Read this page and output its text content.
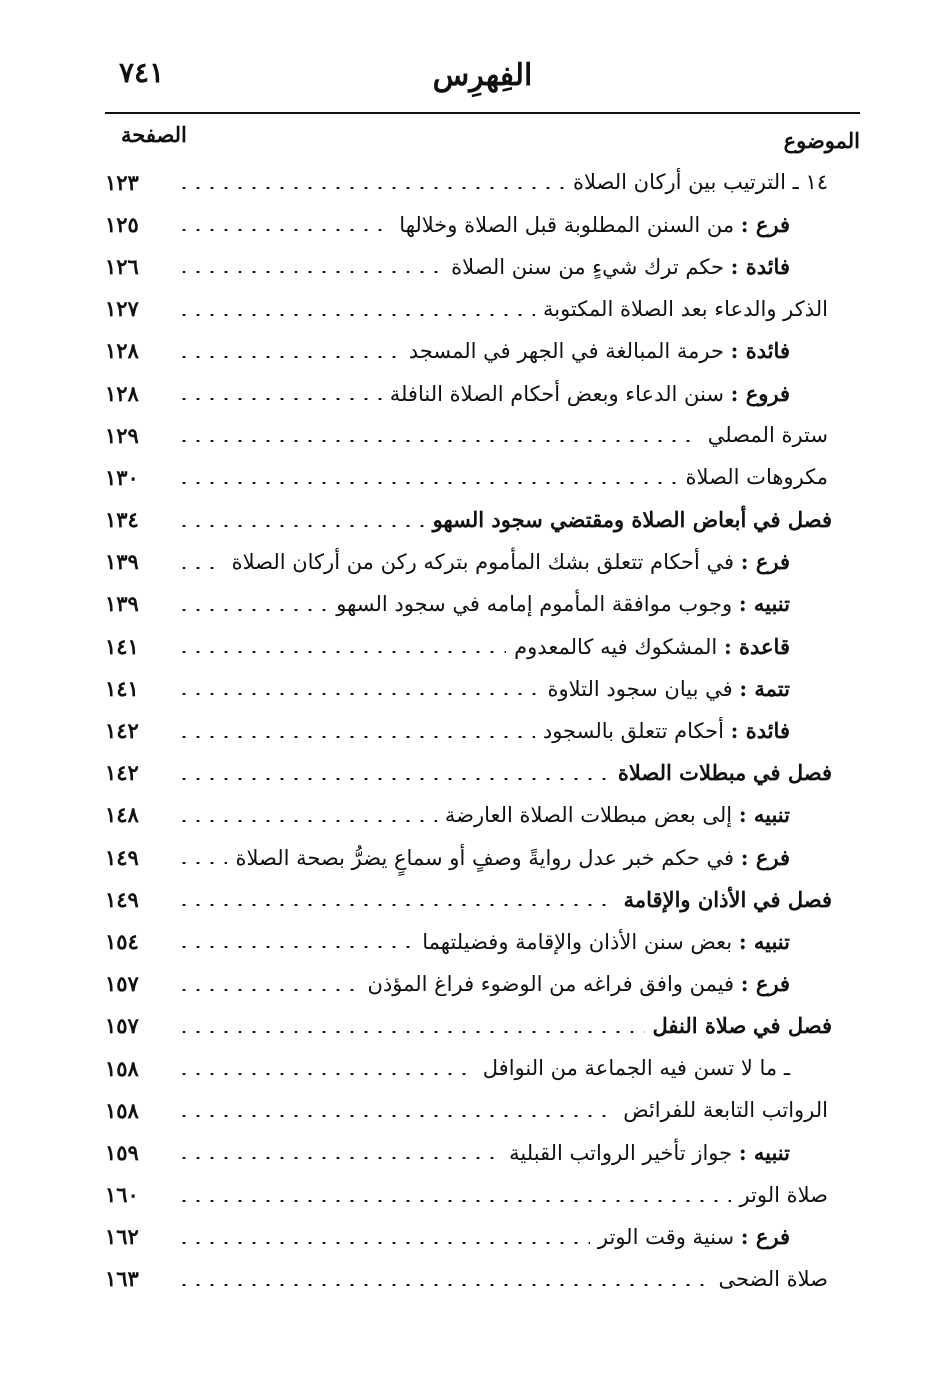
٧٤١	الفِهرِس
الموضوع
الصفحة
١٤ ـ الترتيب بين أركان الصلاة
١٢٣
فرع : من السنن المطلوبة قبل الصلاة وخلالها
١٢٥
فائدة : حكم ترك شيءٍ من سنن الصلاة
١٢٦
الذكر والدعاء بعد الصلاة المكتوبة
١٢٧
فائدة : حرمة المبالغة في الجهر في المسجد
١٢٨
فروع : سنن الدعاء وبعض أحكام الصلاة النافلة
١٢٨
سترة المصلي
١٢٩
مكروهات الصلاة
١٣٠
فصل في أبعاض الصلاة ومقتضي سجود السهو
١٣٤
فرع : في أحكام تتعلق بشك المأموم بتركه ركن من أركان الصلاة
١٣٩
تنبيه : وجوب موافقة المأموم إمامه في سجود السهو
١٣٩
قاعدة : المشكوك فيه كالمعدوم
١٤١
تتمة : في بيان سجود التلاوة
١٤١
فائدة : أحكام تتعلق بالسجود
١٤٢
فصل في مبطلات الصلاة
١٤٢
تنبيه : إلى بعض مبطلات الصلاة العارضة
١٤٨
فرع : في حكم خبر عدل روايةً وصفٍ أو سماعٍ يضرُّ بصحة الصلاة
١٤٩
فصل في الأذان والإقامة
١٤٩
تنبيه : بعض سنن الأذان والإقامة وفضيلتهما
١٥٤
فرع : فيمن وافق فراغه من الوضوء فراغ المؤذن
١٥٧
فصل في صلاة النفل
١٥٧
ـ ما لا تسن فيه الجماعة من النوافل
١٥٨
الرواتب التابعة للفرائض
١٥٨
تنبيه : جواز تأخير الرواتب القبلية
١٥٩
صلاة الوتر
١٦٠
فرع : سنية وقت الوتر
١٦٢
صلاة الضحى
١٦٣
